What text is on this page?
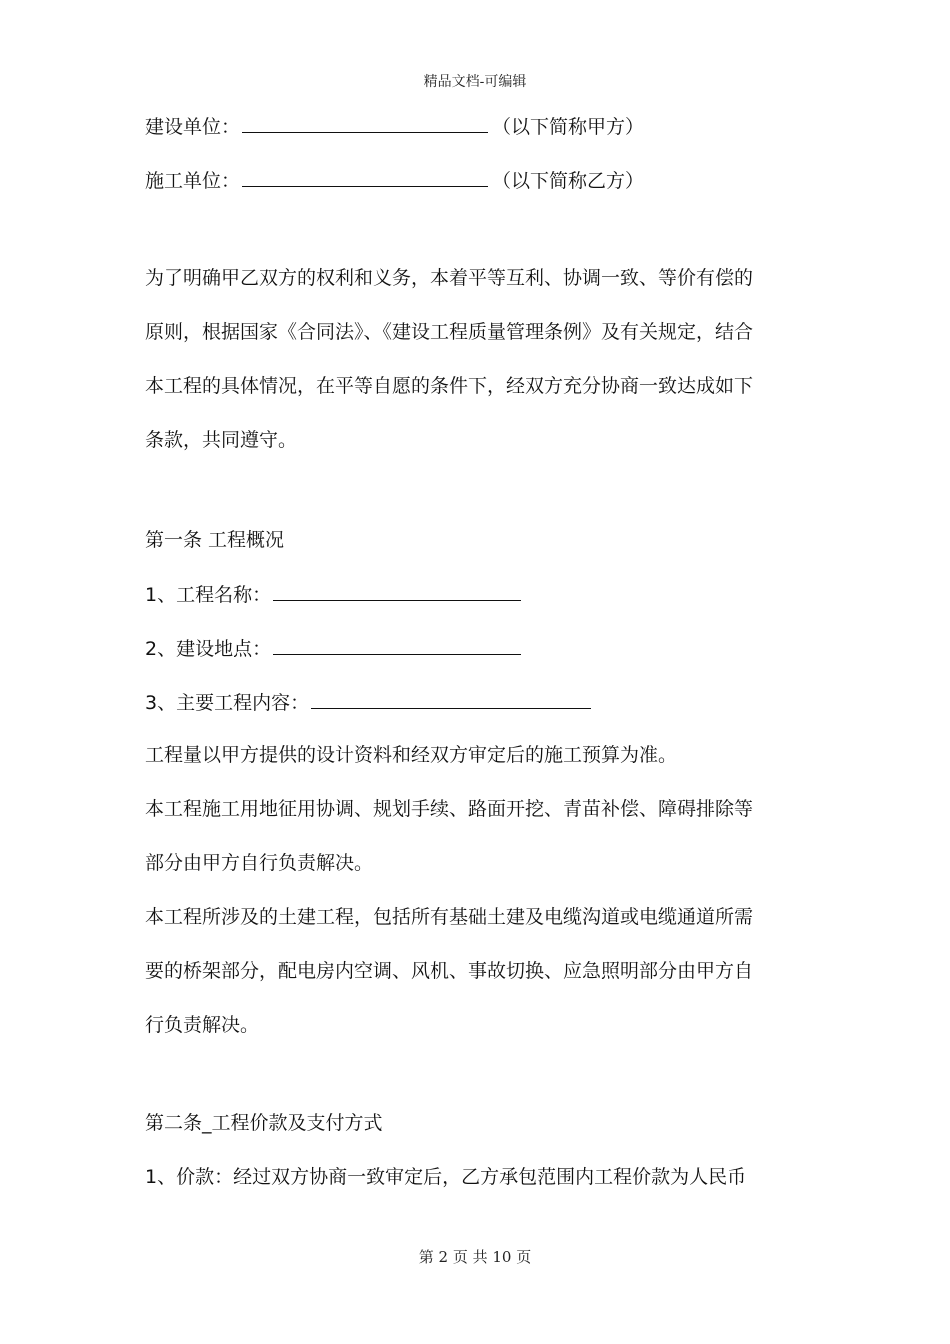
精品文档-可编辑
建设单位：	（以下简称甲方）
施工单位：	（以下简称乙方）
为了明确甲乙双方的权利和义务，本着平等互利、协调一致、等价有偿的
原则，根据国家《合同法》、《建设工程质量管理条例》及有关规定，结合
本工程的具体情况，在平等自愿的条件下，经双方充分协商一致达成如下
条款，共同遵守。
第一条 工程概况
1、工程名称：
2、建设地点：
3、主要工程内容：
工程量以甲方提供的设计资料和经双方审定后的施工预算为准。
本工程施工用地征用协调、规划手续、路面开挖、青苗补偿、障碍排除等
部分由甲方自行负责解决。
本工程所涉及的土建工程，包括所有基础土建及电缆沟道或电缆通道所需
要的桥架部分，配电房内空调、风机、事故切换、应急照明部分由甲方自
行负责解决。
第二条_工程价款及支付方式
1、价款：经过双方协商一致审定后，乙方承包范围内工程价款为人民币
第 2 页 共 10 页
